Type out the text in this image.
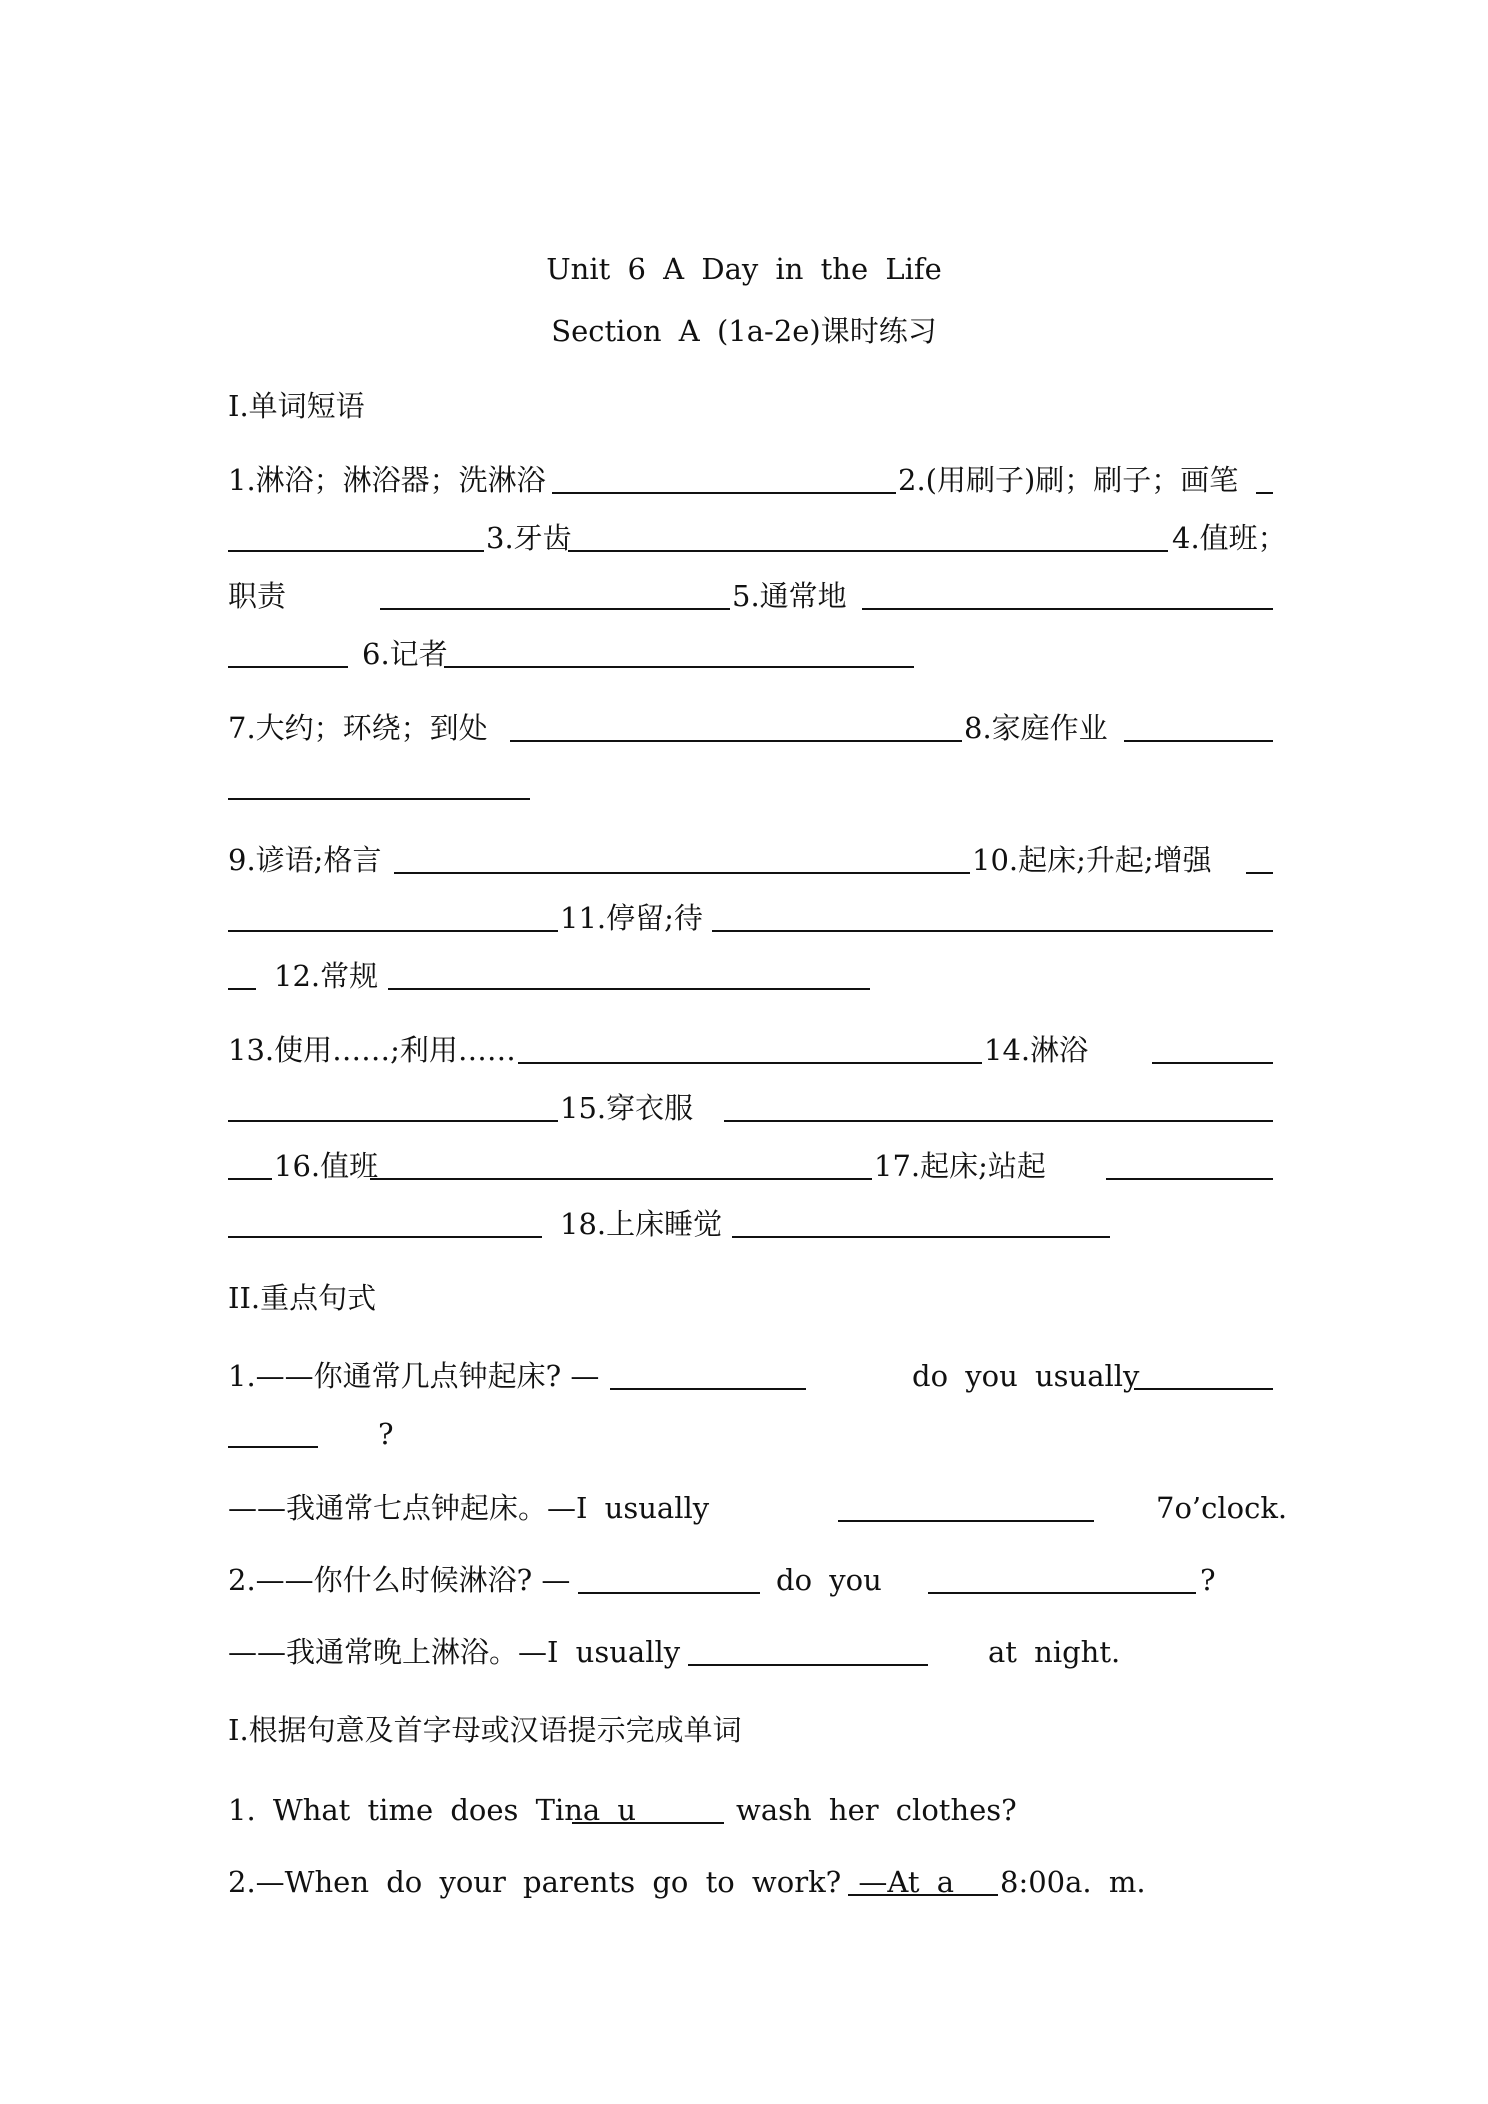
Unit 6 A Day in the Life
Section A (1a-2e)课时练习
I.单词短语
1.淋浴；淋浴器；洗淋浴	2.(用刷子)刷；刷子；画笔
3.牙齿	4.值班；
职责	5.通常地
6.记者
7.大约；环绕；到处	8.家庭作业
9.谚语;格言	10.起床;升起;增强
11.停留;待
12.常规
13.使用……;利用……	14.淋浴
15.穿衣服
16.值班	17.起床;站起
18.上床睡觉
II.重点句式
1.——你通常几点钟起床? —	do you usually
?
——我通常七点钟起床。—I usually	7o’clock.
2.——你什么时候淋浴? —	do you	?
——我通常晚上淋浴。—I usually	at night.
I.根据句意及首字母或汉语提示完成单词
1. What time does Tina u	wash her clothes?
2.—When do your parents go to work? —At a 8:00a. m.
